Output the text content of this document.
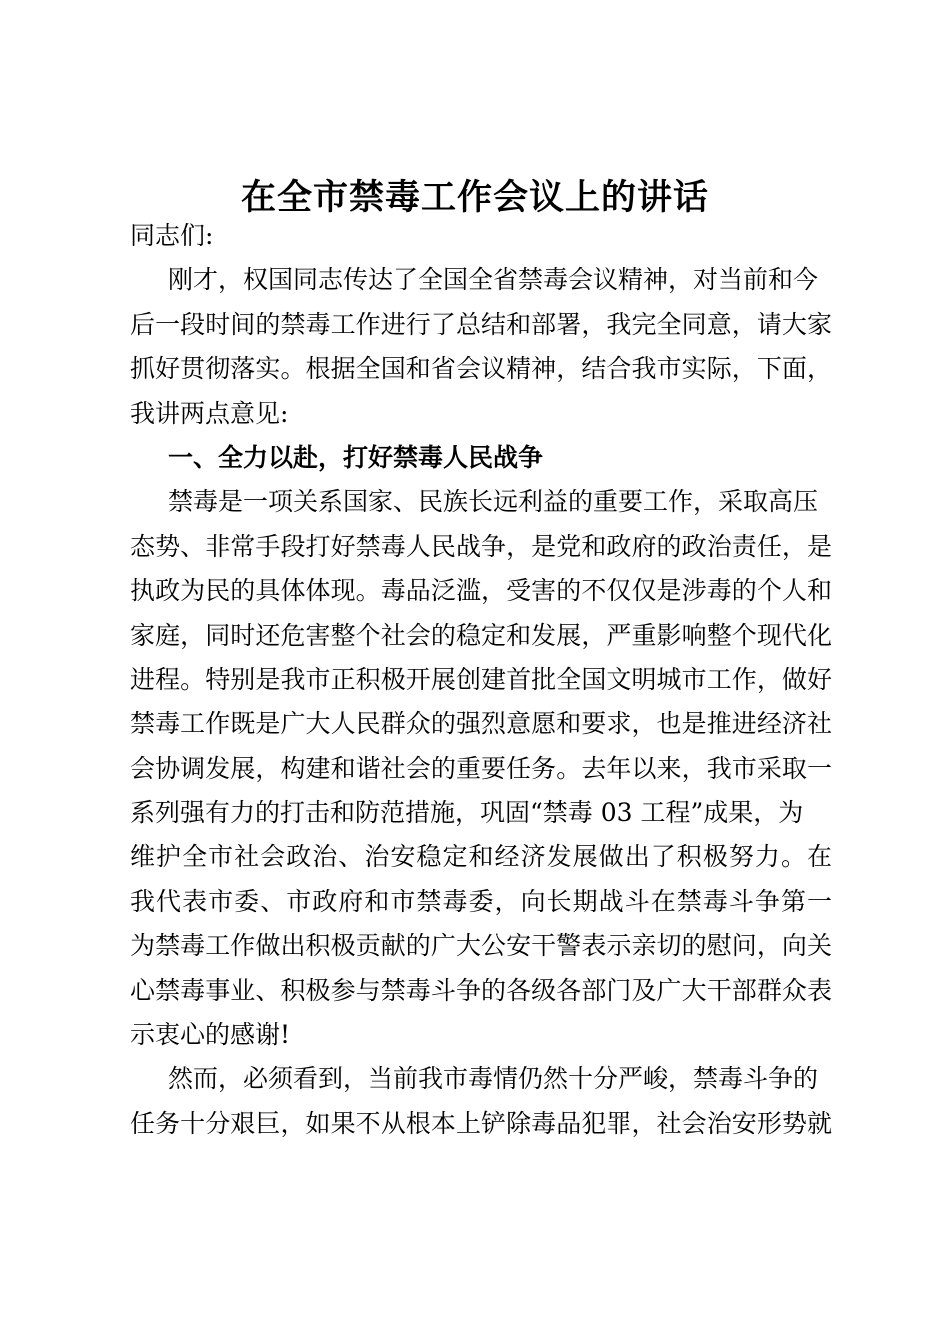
在全市禁毒工作会议上的讲话
同志们:
刚才，权国同志传达了全国全省禁毒会议精神，对当前和今
后一段时间的禁毒工作进行了总结和部署，我完全同意，请大家
抓好贯彻落实。根据全国和省会议精神，结合我市实际，下面，
我讲两点意见:
一、全力以赴，打好禁毒人民战争
禁毒是一项关系国家、民族长远利益的重要工作，采取高压
态势、非常手段打好禁毒人民战争，是党和政府的政治责任，是
执政为民的具体体现。毒品泛滥，受害的不仅仅是涉毒的个人和
家庭，同时还危害整个社会的稳定和发展，严重影响整个现代化
进程。特别是我市正积极开展创建首批全国文明城市工作，做好
禁毒工作既是广大人民群众的强烈意愿和要求，也是推进经济社
会协调发展，构建和谐社会的重要任务。去年以来，我市采取一
系列强有力的打击和防范措施，巩固“禁毒 03 工程”成果，为
维护全市社会政治、治安稳定和经济发展做出了积极努力。在
我代表市委、市政府和市禁毒委，向长期战斗在禁毒斗争第一
为禁毒工作做出积极贡献的广大公安干警表示亲切的慰问，向关
心禁毒事业、积极参与禁毒斗争的各级各部门及广大干部群众表
示衷心的感谢!
然而，必须看到，当前我市毒情仍然十分严峻，禁毒斗争的
任务十分艰巨，如果不从根本上铲除毒品犯罪，社会治安形势就
